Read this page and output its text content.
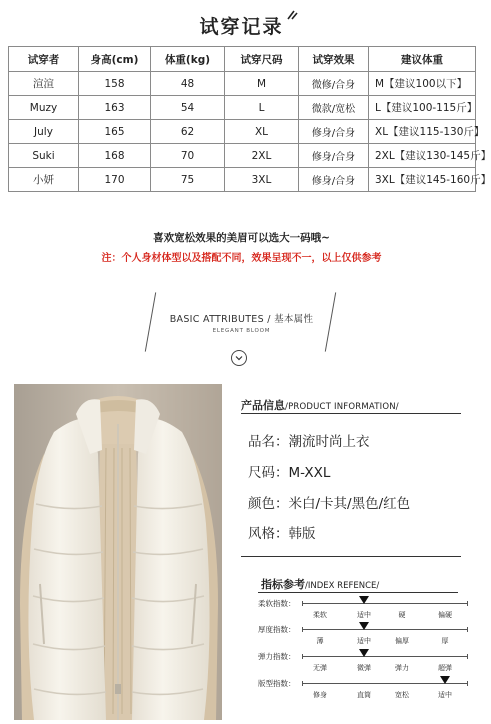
试穿记录
试穿者	身高(cm)	体重(kg)	试穿尺码	试穿效果	建议体重
渲渲	158	48	M	微修/合身	M【建议100以下】
Muzy	163	54	L	微款/宽松	L【建议100-115斤】
July	165	62	XL	修身/合身	XL【建议115-130斤】
Suki	168	70	2XL	修身/合身	2XL【建议130-145斤】
小妍	170	75	3XL	修身/合身	3XL【建议145-160斤】
喜欢宽松效果的美眉可以选大一码哦~
注：个人身材体型以及搭配不同，效果呈现不一，以上仅供参考
BASIC ATTRIBUTES / 基本属性
ELEGANT BLOOM
产品信息/PRODUCT INFORMATION/
品名：潮流时尚上衣
尺码：M-XXL
颜色：米白/卡其/黑色/红色
风格：韩版
指标参考/INDEX REFENCE/
柔软指数：
柔软	适中	硬	偏硬
厚度指数：
薄	适中	偏厚	厚
弹力指数：
无弹	微弹	弹力	超弹
版型指数：
修身	直筒	宽松	适中
